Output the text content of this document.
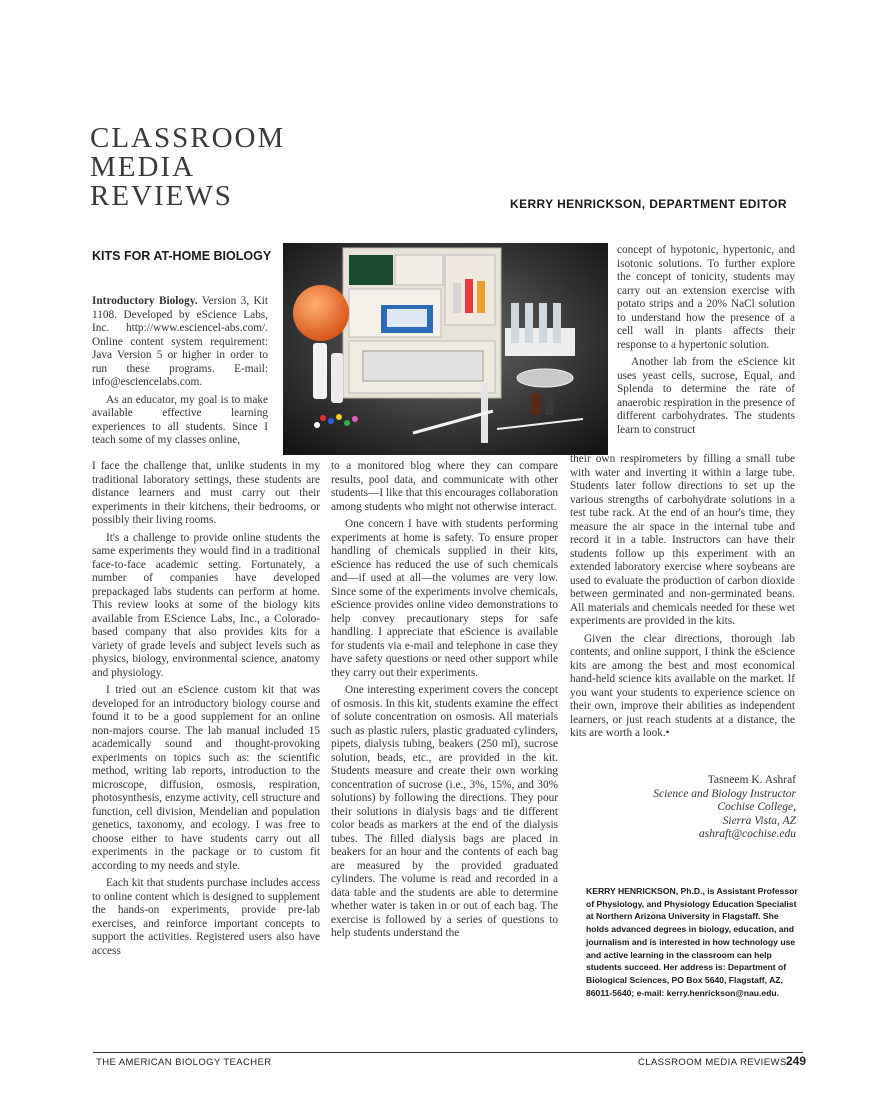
CLASSROOM
MEDIA
REVIEWS	KERRY HENRICKSON, DEPARTMENT EDITOR
KITS FOR AT-HOME BIOLOGY

Introductory Biology. Version 3, Kit 1108. Developed by eScience Labs, Inc. http://www.esciencel-abs.com/. Online content system requirement: Java Version 5 or higher in order to run these programs. E-mail: info@esciencelabs.com.

As an educator, my goal is to make available effective learning experiences to all students. Since I teach some of my classes online,

I face the challenge that, unlike students in my traditional laboratory settings, these students are distance learners and must carry out their experiments in their kitchens, their bedrooms, or possibly their living rooms.

It's a challenge to provide online students the same experiments they would find in a traditional face-to-face academic setting. Fortunately, a number of companies have developed prepackaged labs students can perform at home. This review looks at some of the biology kits available from EScience Labs, Inc., a Colorado-based company that also provides kits for a variety of grade levels and subject levels such as physics, biology, environmental science, anatomy and physiology.

I tried out an eScience custom kit that was developed for an introductory biology course and found it to be a good supplement for an online non-majors course. The lab manual included 15 academically sound and thought-provoking experiments on topics such as: the scientific method, writing lab reports, introduction to the microscope, diffusion, osmosis, respiration, photosynthesis, enzyme activity, cell structure and function, cell division, Mendelian and population genetics, taxonomy, and ecology. I was free to choose either to have students carry out all experiments in the package or to custom fit according to my needs and style.

Each kit that students purchase includes access to online content which is designed to supplement the hands-on experiments, provide pre-lab exercises, and reinforce important concepts to support the activities. Registered users also have access

to a monitored blog where they can compare results, pool data, and communicate with other students—I like that this encourages collaboration among students who might not otherwise interact.

One concern I have with students performing experiments at home is safety. To ensure proper handling of chemicals supplied in their kits, eScience has reduced the use of such chemicals and—if used at all—the volumes are very low. Since some of the experiments involve chemicals, eScience provides online video demonstrations to help convey precautionary steps for safe handling. I appreciate that eScience is available for students via e-mail and telephone in case they have safety questions or need other support while they carry out their experiments.

One interesting experiment covers the concept of osmosis. In this kit, students examine the effect of solute concentration on osmosis. All materials such as plastic rulers, plastic graduated cylinders, pipets, dialysis tubing, beakers (250 ml), sucrose solution, beads, etc., are provided in the kit. Students measure and create their own working concentration of sucrose (i.e., 3%, 15%, and 30% solutions) by following the directions. They pour their solutions in dialysis bags and tie different color beads as markers at the end of the dialysis tubes. The filled dialysis bags are placed in beakers for an hour and the contents of each bag are measured by the provided graduated cylinders. The volume is read and recorded in a data table and the students are able to determine whether water is taken in or out of each bag. The exercise is followed by a series of questions to help students understand the

concept of hypotonic, hypertonic, and isotonic solutions. To further explore the concept of tonicity, students may carry out an extension exercise with potato strips and a 20% NaCl solution to understand how the presence of a cell wall in plants affects their response to a hypertonic solution.

Another lab from the eScience kit uses yeast cells, sucrose, Equal, and Splenda to determine the rate of anaerobic respiration in the presence of different carbohydrates. The students learn to construct

their own respirometers by filling a small tube with water and inverting it within a large tube. Students later follow directions to set up the various strengths of carbohydrate solutions in a test tube rack. At the end of an hour's time, they measure the air space in the internal tube and record it in a table. Instructors can have their students follow up this experiment with an extended laboratory exercise where soybeans are used to evaluate the production of carbon dioxide between germinated and non-germinated beans. All materials and chemicals needed for these wet experiments are provided in the kits.

Given the clear directions, thorough lab contents, and online support, I think the eScience kits are among the best and most economical hand-held science kits available on the market. If you want your students to experience science on their own, improve their abilities as independent learners, or just reach students at a distance, the kits are worth a look.•

Tasneem K. Ashraf
Science and Biology Instructor
Cochise College,
Sierra Vista, AZ
ashraft@cochise.edu
KERRY HENRICKSON, Ph.D., is Assistant Professor of Physiology, and Physiology Education Specialist at Northern Arizona University in Flagstaff. She holds advanced degrees in biology, education, and journalism and is interested in how technology use and active learning in the classroom can help students succeed. Her address is: Department of Biological Sciences, PO Box 5640, Flagstaff, AZ, 86011-5640; e-mail: kerry.henrickson@nau.edu.
THE AMERICAN BIOLOGY TEACHER	CLASSROOM MEDIA REVIEWS 249
